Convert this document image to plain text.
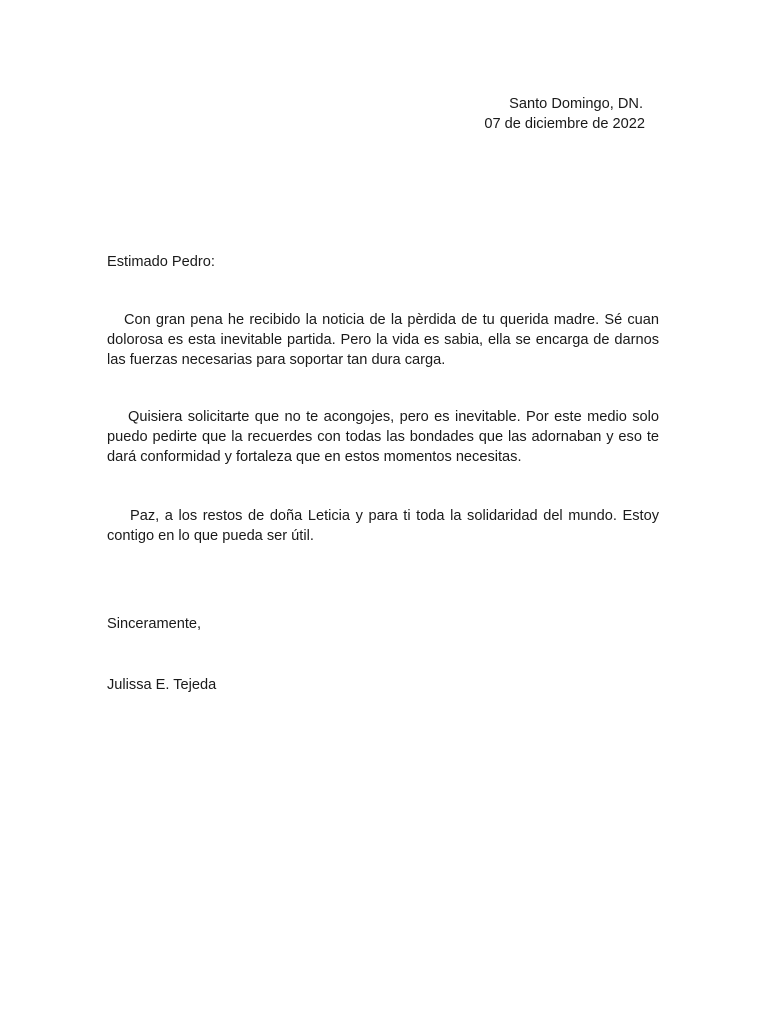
Santo Domingo, DN.
07 de diciembre de 2022
Estimado Pedro:

Con gran pena he recibido la noticia de la pèrdida de tu querida madre. Sé cuan dolorosa es esta inevitable partida. Pero la vida es sabia, ella se encarga de darnos las fuerzas necesarias para soportar tan dura carga.

Quisiera solicitarte que no te acongojes, pero es inevitable. Por este medio solo puedo pedirte que la recuerdes con todas las bondades que las adornaban y eso te dará conformidad y fortaleza que en estos momentos necesitas.

Paz, a los restos de doña Leticia y para ti toda la solidaridad del mundo. Estoy contigo en lo que pueda ser útil.

Sinceramente,
Julissa E. Tejeda
